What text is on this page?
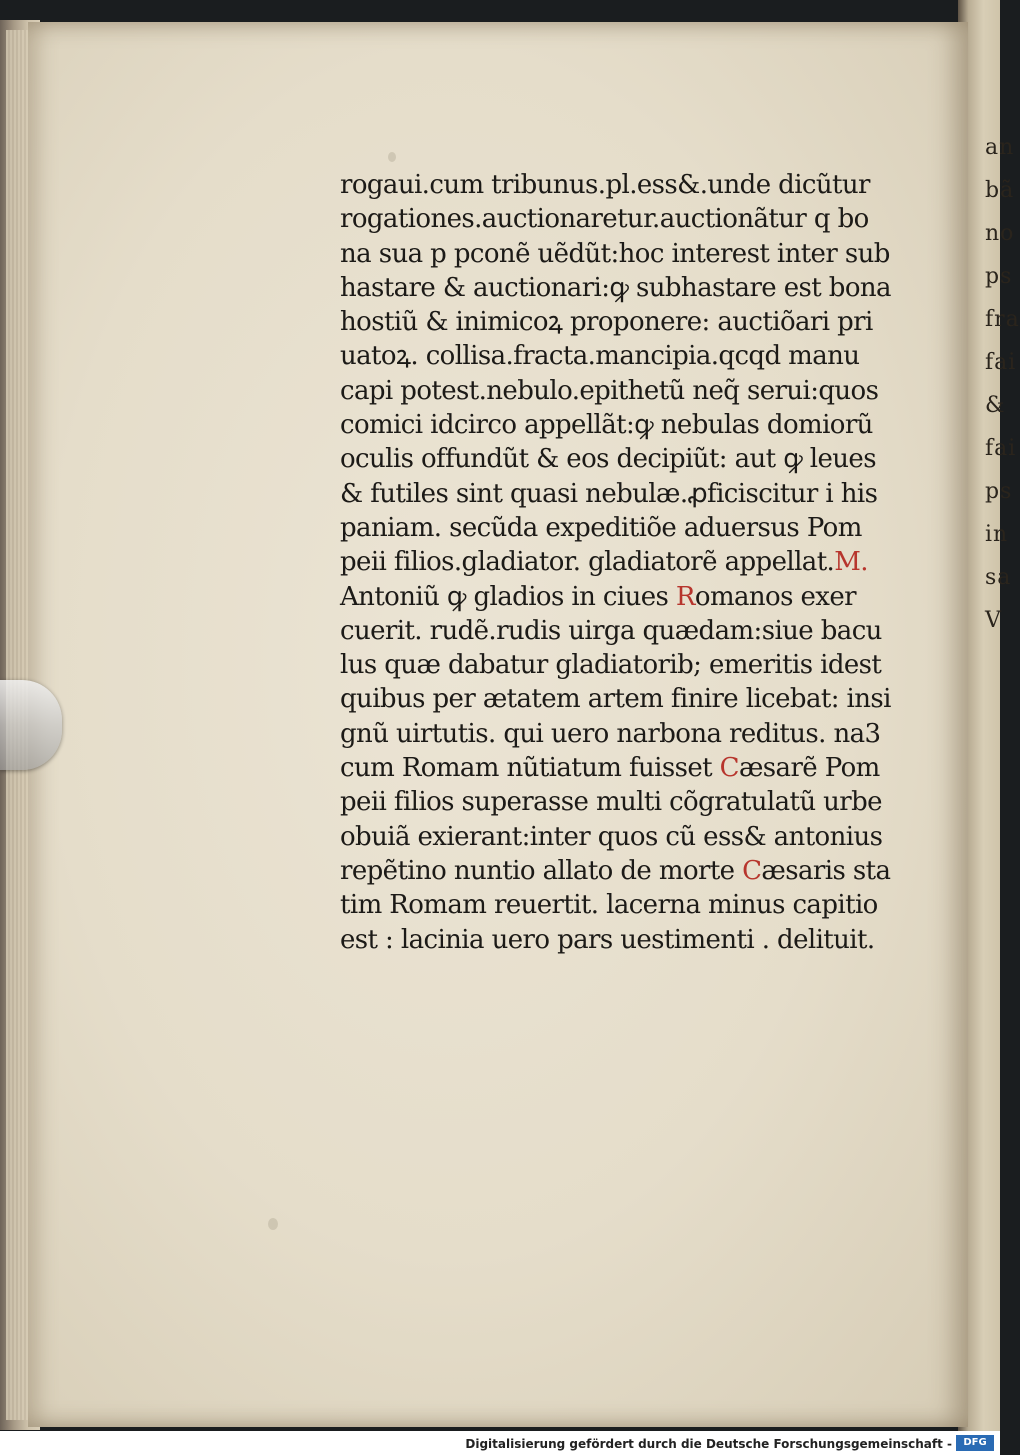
rogaui.cum tribunus.pl.ess&.unde dicũtur
rogationes.auctionaretur.auctionãtur q bo
na sua p pconẽ uẽdũt:hoc interest inter sub
hastare & auctionari:ꝙ subhastare est bona
hostiũ & inimicoꝝ proponere: auctiõari pri
uatoꝝ. collisa.fracta.mancipia.qcqd manu
capi potest.nebulo.epithetũ neq̃ serui:quos
comici idcirco appellãt:ꝙ nebulas domiorũ
oculis offundũt & eos decipiũt: aut ꝙ leues
& futiles sint quasi nebulæ.ꝓficiscitur i his
paniam. secũda expeditiõe aduersus Pom
peii filios.gladiator. gladiatorẽ appellat.M.
Antoniũ ꝙ gladios in ciues Romanos exer
cuerit. rudẽ.rudis uirga quædam:siue bacu
lus quæ dabatur gladiatorib; emeritis idest
quibus per ætatem artem finire licebat: insi
gnũ uirtutis. qui uero narbona reditus. na3
cum Romam nũtiatum fuisset Cæsarẽ Pom
peii filios superasse multi cõgratulatũ urbe
obuiã exierant:inter quos cũ ess& antonius
repẽtino nuntio allato de morte Cæsaris sta
tim Romam reuertit. lacerna minus capitio
est : lacinia uero pars uestimenti . delituit.
an
bã
no
ps
fra
fai
&
fai
ps
in
sa
V
Digitalisierung gefördert durch die Deutsche Forschungsgemeinschaft -	DFG
